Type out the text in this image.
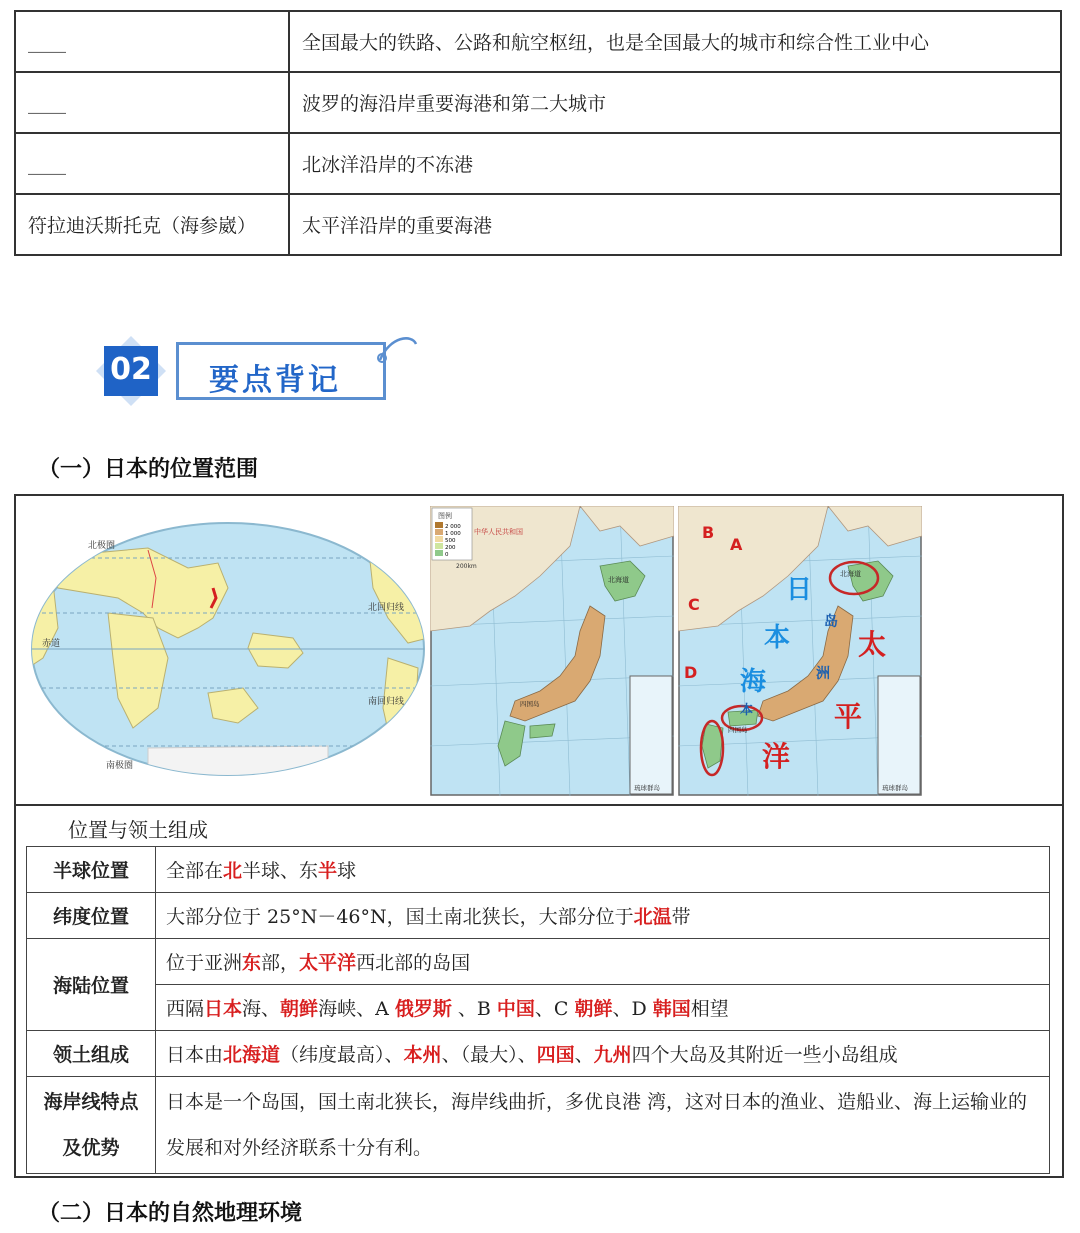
____	全国最大的铁路、公路和航空枢纽，也是全国最大的城市和综合性工业中心
____	波罗的海沿岸重要海港和第二大城市
____	北冰洋沿岸的不冻港
符拉迪沃斯托克（海参崴）	太平洋沿岸的重要海港
02	要点背记
（一）日本的位置范围
北极圈
北回归线
赤道
南回归线
南极圈
图例
2 000
1 000
500
200
0
中华人民共和国
北海道
四国岛
琉球群岛
200km
A
B
C
D
日
本
海
太
平
洋
本
岛
洲
北海道
四国岛
琉球群岛
位置与领土组成
半球位置	全部在北半球、东半球
纬度位置	大部分位于 25°N－46°N，国土南北狭长，大部分位于北温带
海陆位置	位于亚洲东部，太平洋西北部的岛国
	西隔日本海、朝鲜海峡、A 俄罗斯 、B 中国、C 朝鲜、D 韩国相望
领土组成	日本由北海道（纬度最高）、本州、（最大）、四国、九州四个大岛及其附近一些小岛组成
海岸线特点
及优势	日本是一个岛国，国土南北狭长，海岸线曲折，多优良港 湾，这对日本的渔业、造船业、海上运输业的发展和对外经济联系十分有利。
（二）日本的自然地理环境
